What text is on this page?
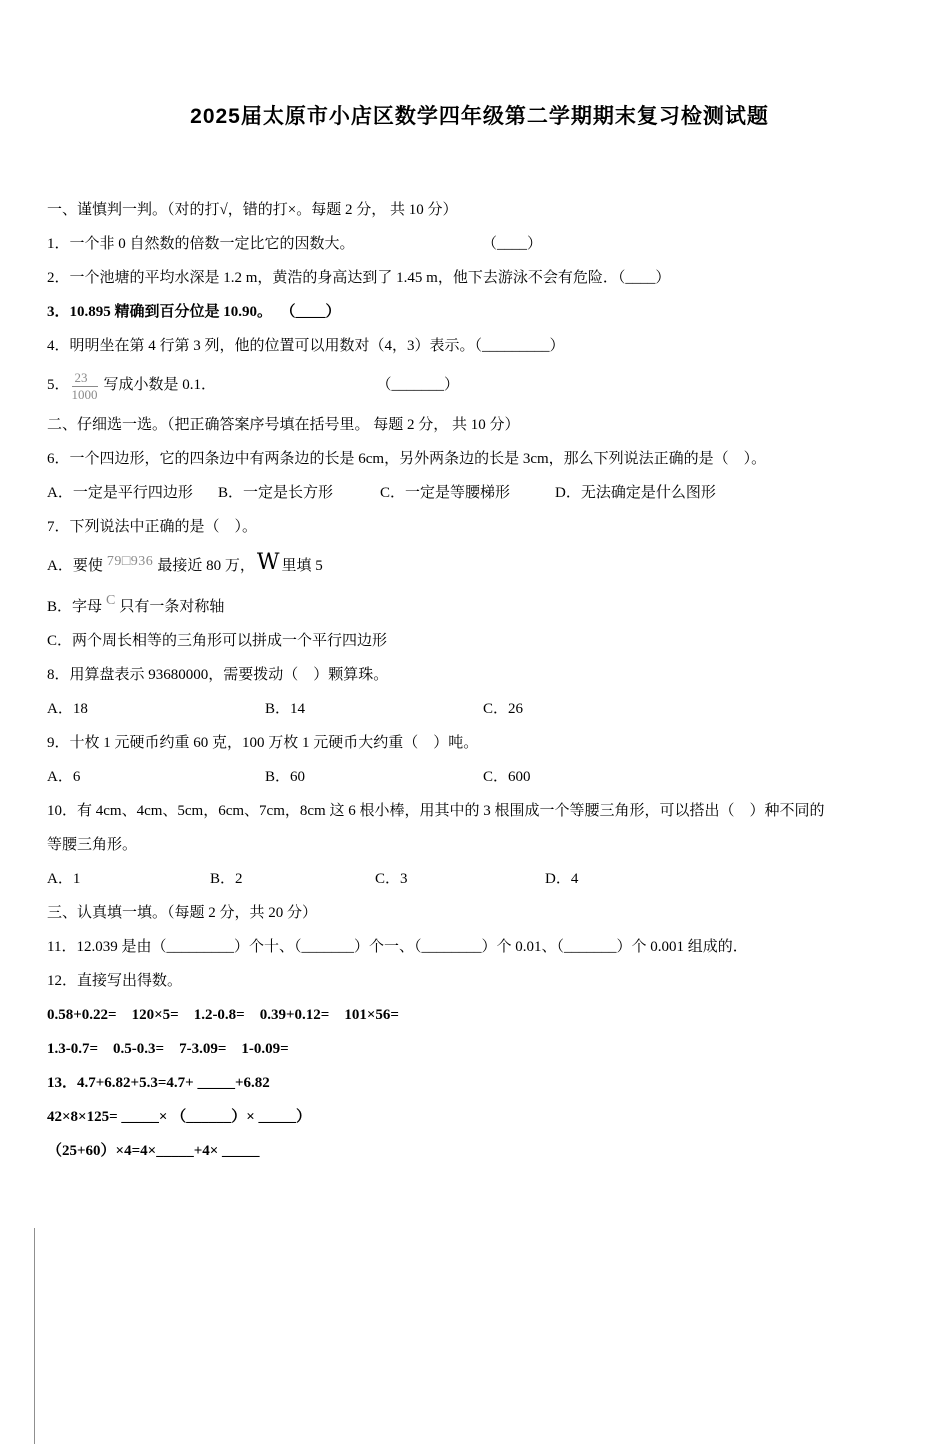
2025届太原市小店区数学四年级第二学期期末复习检测试题

一、谨慎判一判。（对的打√，错的打×。每题 2 分， 共 10 分）

1．一个非 0 自然数的倍数一定比它的因数大。	（____）

2．一个池塘的平均水深是 1.2 m，黄浩的身高达到了 1.45 m，他下去游泳不会有危险．（____）

3．10.895 精确到百分位是 10.90。 （____）

4．明明坐在第 4 行第 3 列，他的位置可以用数对（4，3）表示。（_________）

5． $\frac{23}{1000}$ 写成小数是 0.1．	（_______）

二、仔细选一选。（把正确答案序号填在括号里。 每题 2 分， 共 10 分）

6．一个四边形，它的四条边中有两条边的长是 6cm，另外两条边的长是 3cm，那么下列说法正确的是（　）。

A．一定是平行四边形 B．一定是长方形	C．一定是等腰梯形	D．无法确定是什么图形

7．下列说法中正确的是（　）。

A．要使 79□936 最接近 80 万，W 里填 5

B．字母 C 只有一条对称轴

C．两个周长相等的三角形可以拼成一个平行四边形

8．用算盘表示 93680000，需要拨动（　）颗算珠。

A．18	B．14	C．26

9．十枚 1 元硬币约重 60 克，100 万枚 1 元硬币大约重（　）吨。

A．6	B．60	C．600

10．有 4cm、4cm、5cm，6cm、7cm，8cm 这 6 根小棒，用其中的 3 根围成一个等腰三角形，可以搭出（　）种不同的

等腰三角形。

A．1	B．2	C．3	D．4

三、认真填一填。（每题 2 分，共 20 分）

11．12.039 是由（_________）个十、（_______）个一、（________）个 0.01、（_______）个 0.001 组成的．

12．直接写出得数。

0.58+0.22=    120×5=    1.2-0.8=    0.39+0.12=    101×56=

1.3-0.7=    0.5-0.3=    7-3.09=    1-0.09=

13．4.7+6.82+5.3=4.7+ _____+6.82

42×8×125= _____× （______）× _____）

（25+60）×4=4×_____+4× _____
